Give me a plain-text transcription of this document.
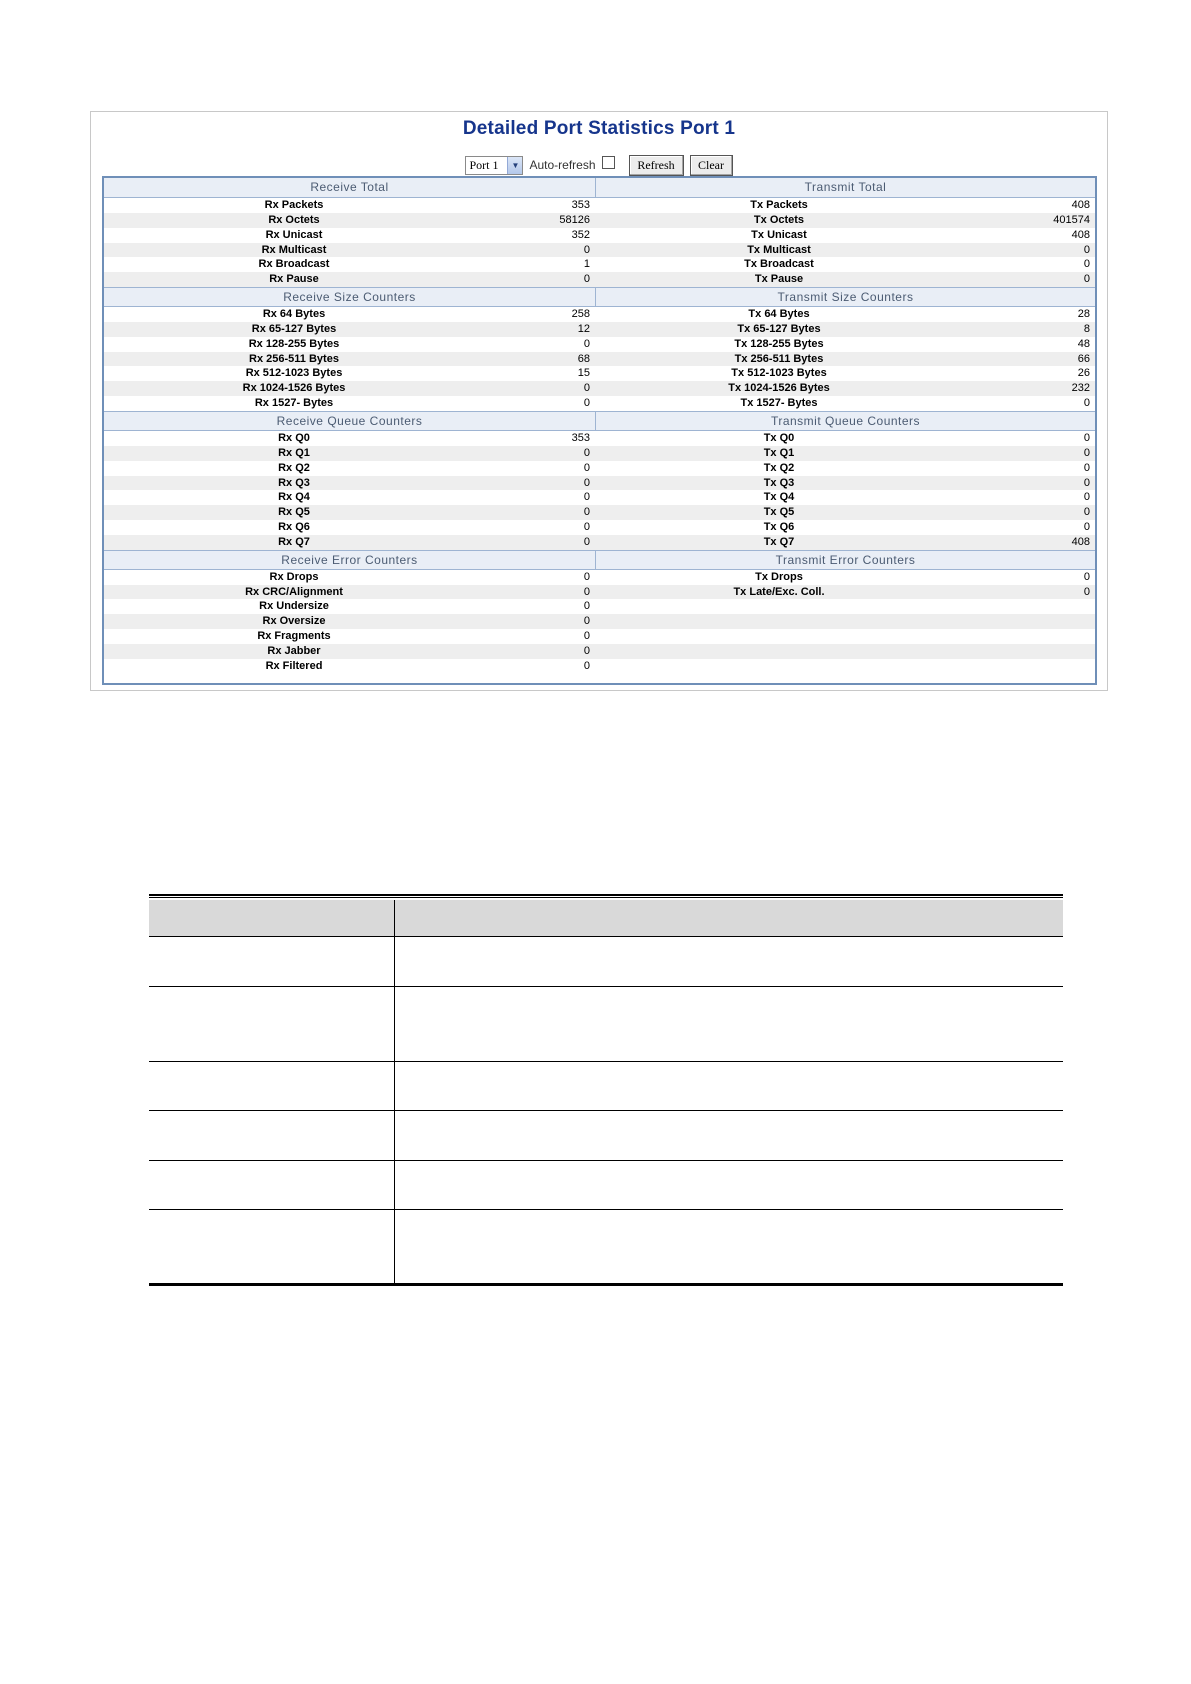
Detailed Port Statistics Port 1
Port 1	▼ Auto-refresh	Refresh	Clear
Receive Total	Transmit Total
Rx Packets	353	Tx Packets	408
Rx Octets	58126	Tx Octets	401574
Rx Unicast	352	Tx Unicast	408
Rx Multicast	0	Tx Multicast	0
Rx Broadcast	1	Tx Broadcast	0
Rx Pause	0	Tx Pause	0
Receive Size Counters	Transmit Size Counters
Rx 64 Bytes	258	Tx 64 Bytes	28
Rx 65-127 Bytes	12	Tx 65-127 Bytes	8
Rx 128-255 Bytes	0	Tx 128-255 Bytes	48
Rx 256-511 Bytes	68	Tx 256-511 Bytes	66
Rx 512-1023 Bytes	15	Tx 512-1023 Bytes	26
Rx 1024-1526 Bytes	0	Tx 1024-1526 Bytes	232
Rx 1527- Bytes	0	Tx 1527- Bytes	0
Receive Queue Counters	Transmit Queue Counters
Rx Q0	353	Tx Q0	0
Rx Q1	0	Tx Q1	0
Rx Q2	0	Tx Q2	0
Rx Q3	0	Tx Q3	0
Rx Q4	0	Tx Q4	0
Rx Q5	0	Tx Q5	0
Rx Q6	0	Tx Q6	0
Rx Q7	0	Tx Q7	408
Receive Error Counters	Transmit Error Counters
Rx Drops	0	Tx Drops	0
Rx CRC/Alignment	0	Tx Late/Exc. Coll.	0
Rx Undersize	0
Rx Oversize	0
Rx Fragments	0
Rx Jabber	0
Rx Filtered	0
